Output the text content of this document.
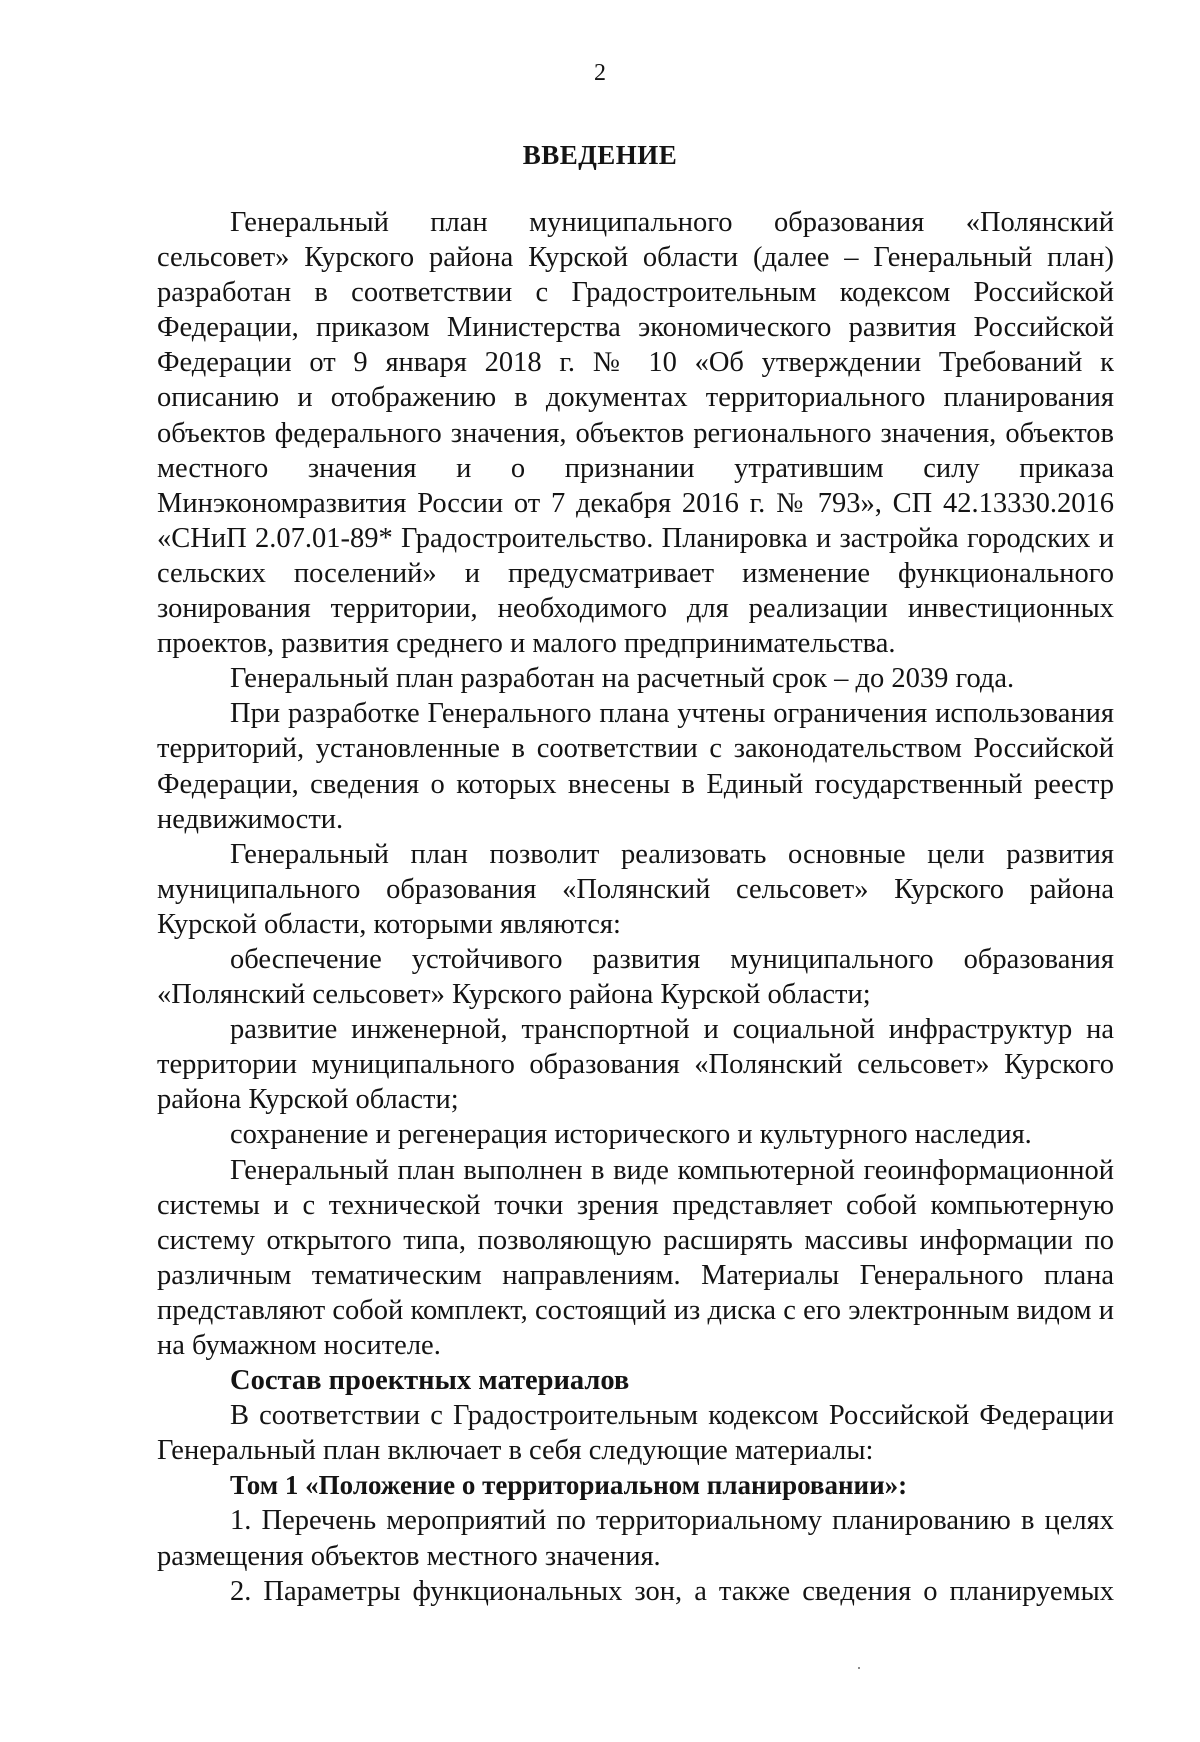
2
ВВЕДЕНИЕ

Генеральный план муниципального образования «Полянский сельсовет» Курского района Курской области (далее – Генеральный план) разработан в соответствии с Градостроительным кодексом Российской Федерации, приказом Министерства экономического развития Российской Федерации от 9 января 2018 г. № 10 «Об утверждении Требований к описанию и отображению в документах территориального планирования объектов федерального значения, объектов регионального значения, объектов местного значения и о признании утратившим силу приказа Минэкономразвития России от 7 декабря 2016 г. № 793», СП 42.13330.2016 «СНиП 2.07.01-89* Градостроительство. Планировка и застройка городских и сельских поселений» и предусматривает изменение функционального зонирования территории, необходимого для реализации инвестиционных проектов, развития среднего и малого предпринимательства.

Генеральный план разработан на расчетный срок – до 2039 года.

При разработке Генерального плана учтены ограничения использования территорий, установленные в соответствии с законодательством Российской Федерации, сведения о которых внесены в Единый государственный реестр недвижимости.

Генеральный план позволит реализовать основные цели развития муниципального образования «Полянский сельсовет» Курского района Курской области, которыми являются:

обеспечение устойчивого развития муниципального образования «Полянский сельсовет» Курского района Курской области;

развитие инженерной, транспортной и социальной инфраструктур на территории муниципального образования «Полянский сельсовет» Курского района Курской области;

сохранение и регенерация исторического и культурного наследия.

Генеральный план выполнен в виде компьютерной геоинформационной системы и с технической точки зрения представляет собой компьютерную систему открытого типа, позволяющую расширять массивы информации по различным тематическим направлениям. Материалы Генерального плана представляют собой комплект, состоящий из диска с его электронным видом и на бумажном носителе.

Состав проектных материалов

В соответствии с Градостроительным кодексом Российской Федерации Генеральный план включает в себя следующие материалы:

Том 1 «Положение о территориальном планировании»:

1. Перечень мероприятий по территориальному планированию в целях размещения объектов местного значения.

2. Параметры функциональных зон, а также сведения о планируемых
